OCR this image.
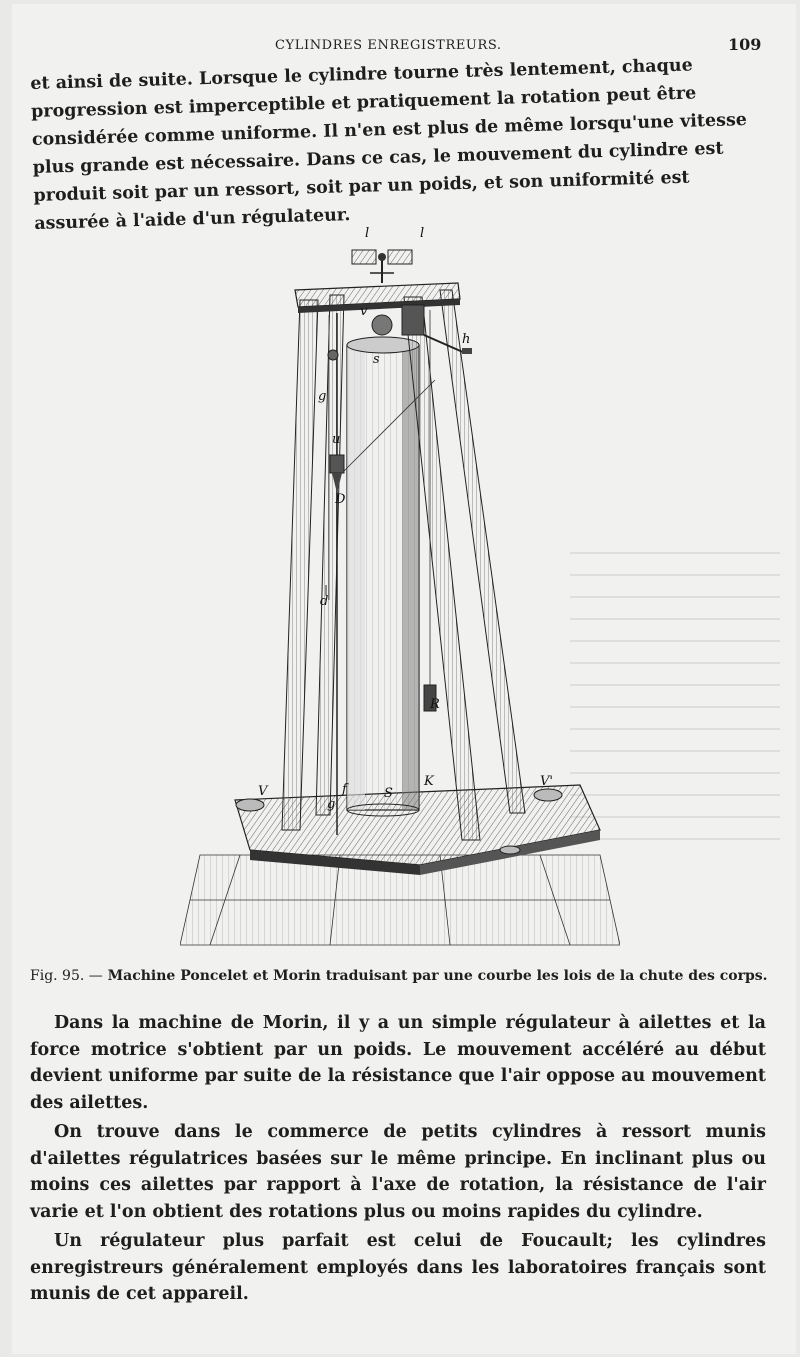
CYLINDRES ENREGISTREURS.	109
et ainsi de suite. Lorsque le cylindre tourne très lentement, chaque progression est imperceptible et pratiquement la rotation peut être considérée comme uniforme. Il n'en est plus de même lorsqu'une vitesse plus grande est nécessaire. Dans ce cas, le mouvement du cylindre est produit soit par un ressort, soit par un poids, et son uniformité est assurée à l'aide d'un régulateur.	l	l
v
h
s
g
u
D
d
R
f
g
S
K
V
V'
Fig. 95. — Machine Poncelet et Morin traduisant par une courbe les lois de la chute des corps.

Dans la machine de Morin, il y a un simple régulateur à ailettes et la force motrice s'obtient par un poids. Le mouvement accéléré au début devient uniforme par suite de la résistance que l'air oppose au mouvement des ailettes.

On trouve dans le commerce de petits cylindres à ressort munis d'ailettes régulatrices basées sur le même principe. En inclinant plus ou moins ces ailettes par rapport à l'axe de rotation, la résistance de l'air varie et l'on obtient des rotations plus ou moins rapides du cylindre.

Un régulateur plus parfait est celui de Foucault; les cylindres enregistreurs généralement employés dans les laboratoires français sont munis de cet appareil.
